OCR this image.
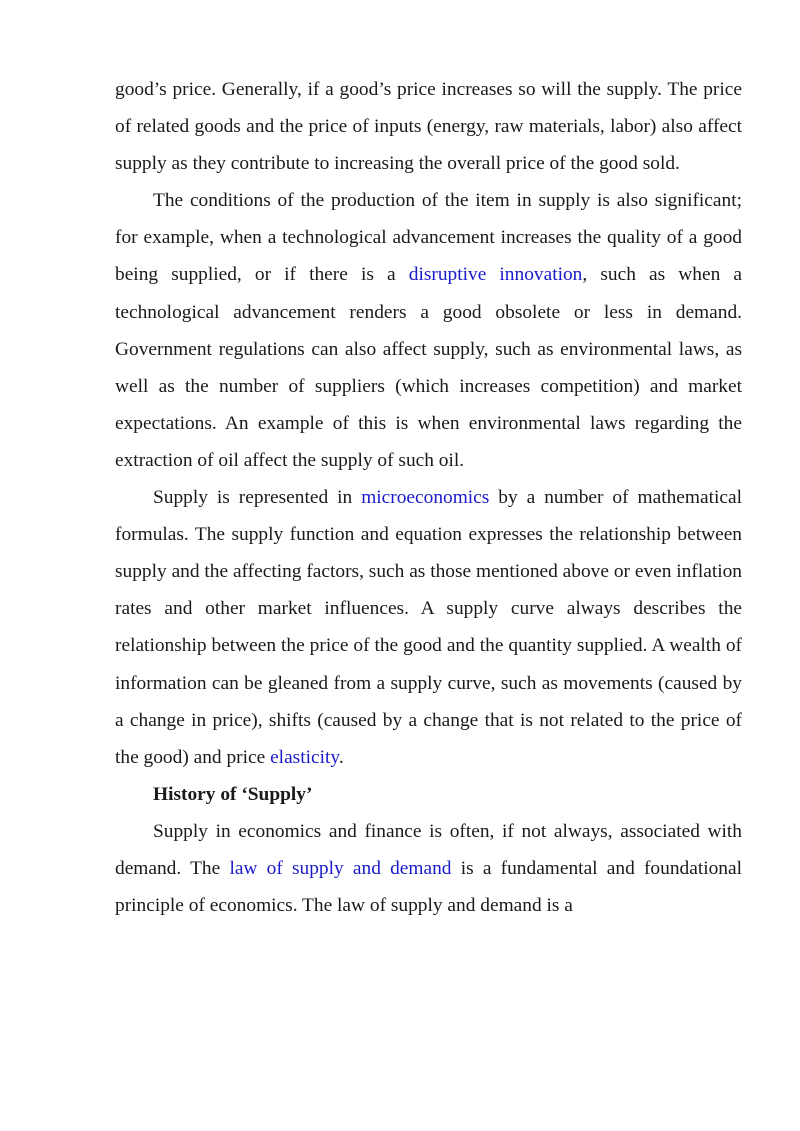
good’s price. Generally, if a good’s price increases so will the supply. The price of related goods and the price of inputs (energy, raw materials, labor) also affect supply as they contribute to increasing the overall price of the good sold.

The conditions of the production of the item in supply is also significant; for example, when a technological advancement increases the quality of a good being supplied, or if there is a disruptive innovation, such as when a technological advancement renders a good obsolete or less in demand. Government regulations can also affect supply, such as environmental laws, as well as the number of suppliers (which increases competition) and market expectations. An example of this is when environmental laws regarding the extraction of oil affect the supply of such oil.

Supply is represented in microeconomics by a number of mathematical formulas. The supply function and equation expresses the relationship between supply and the affecting factors, such as those mentioned above or even inflation rates and other market influences. A supply curve always describes the relationship between the price of the good and the quantity supplied. A wealth of information can be gleaned from a supply curve, such as movements (caused by a change in price), shifts (caused by a change that is not related to the price of the good) and price elasticity.

History of ‘Supply’

Supply in economics and finance is often, if not always, associated with demand. The law of supply and demand is a fundamental and foundational principle of economics. The law of supply and demand is a
